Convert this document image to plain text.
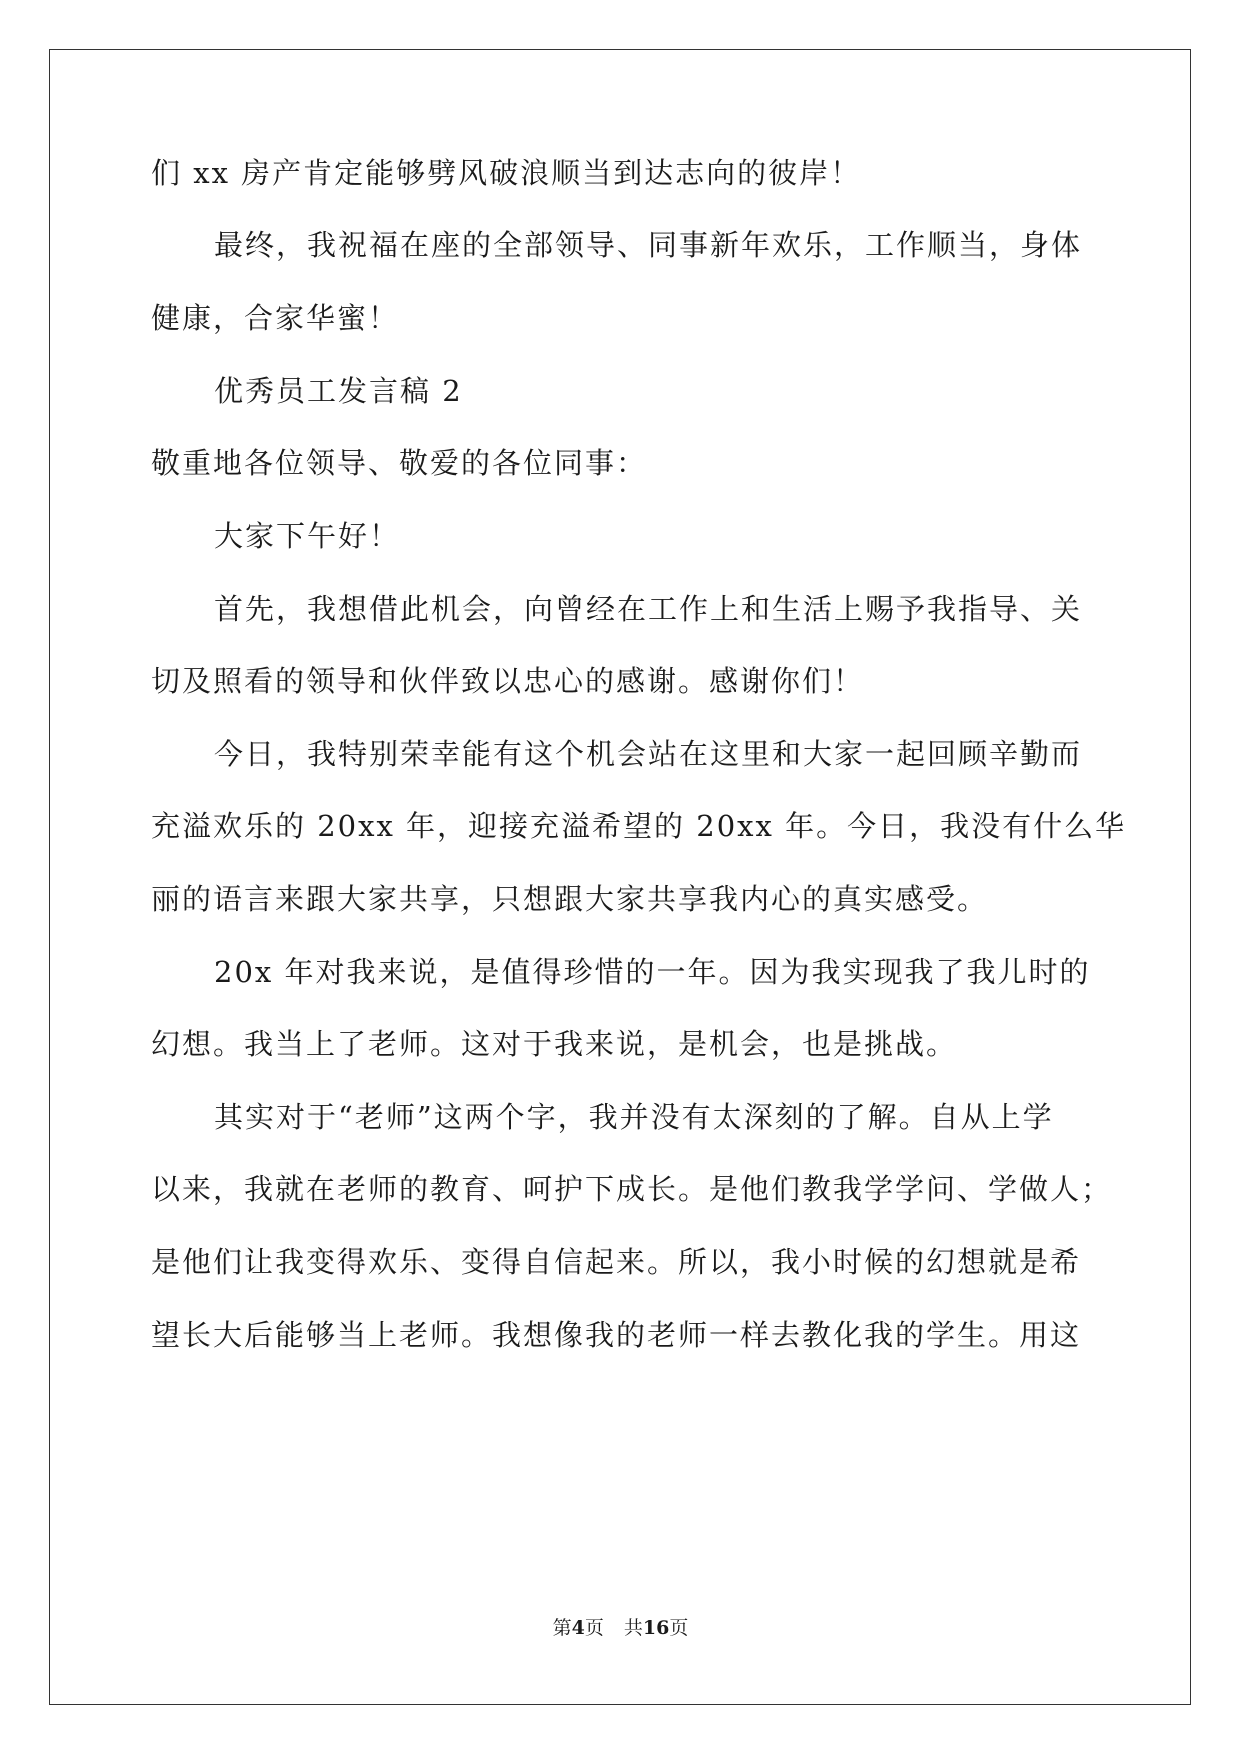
们 xx 房产肯定能够劈风破浪顺当到达志向的彼岸！
最终，我祝福在座的全部领导、同事新年欢乐，工作顺当，身体
健康，合家华蜜！
优秀员工发言稿 2
敬重地各位领导、敬爱的各位同事：
大家下午好！
首先，我想借此机会，向曾经在工作上和生活上赐予我指导、关
切及照看的领导和伙伴致以忠心的感谢。感谢你们！
今日，我特别荣幸能有这个机会站在这里和大家一起回顾辛勤而
充溢欢乐的 20xx 年，迎接充溢希望的 20xx 年。今日，我没有什么华
丽的语言来跟大家共享，只想跟大家共享我内心的真实感受。
20x 年对我来说，是值得珍惜的一年。因为我实现我了我儿时的
幻想。我当上了老师。这对于我来说，是机会，也是挑战。
其实对于“老师”这两个字，我并没有太深刻的了解。自从上学
以来，我就在老师的教育、呵护下成长。是他们教我学学问、学做人；
是他们让我变得欢乐、变得自信起来。所以，我小时候的幻想就是希
望长大后能够当上老师。我想像我的老师一样去教化我的学生。用这
第4页 共16页
